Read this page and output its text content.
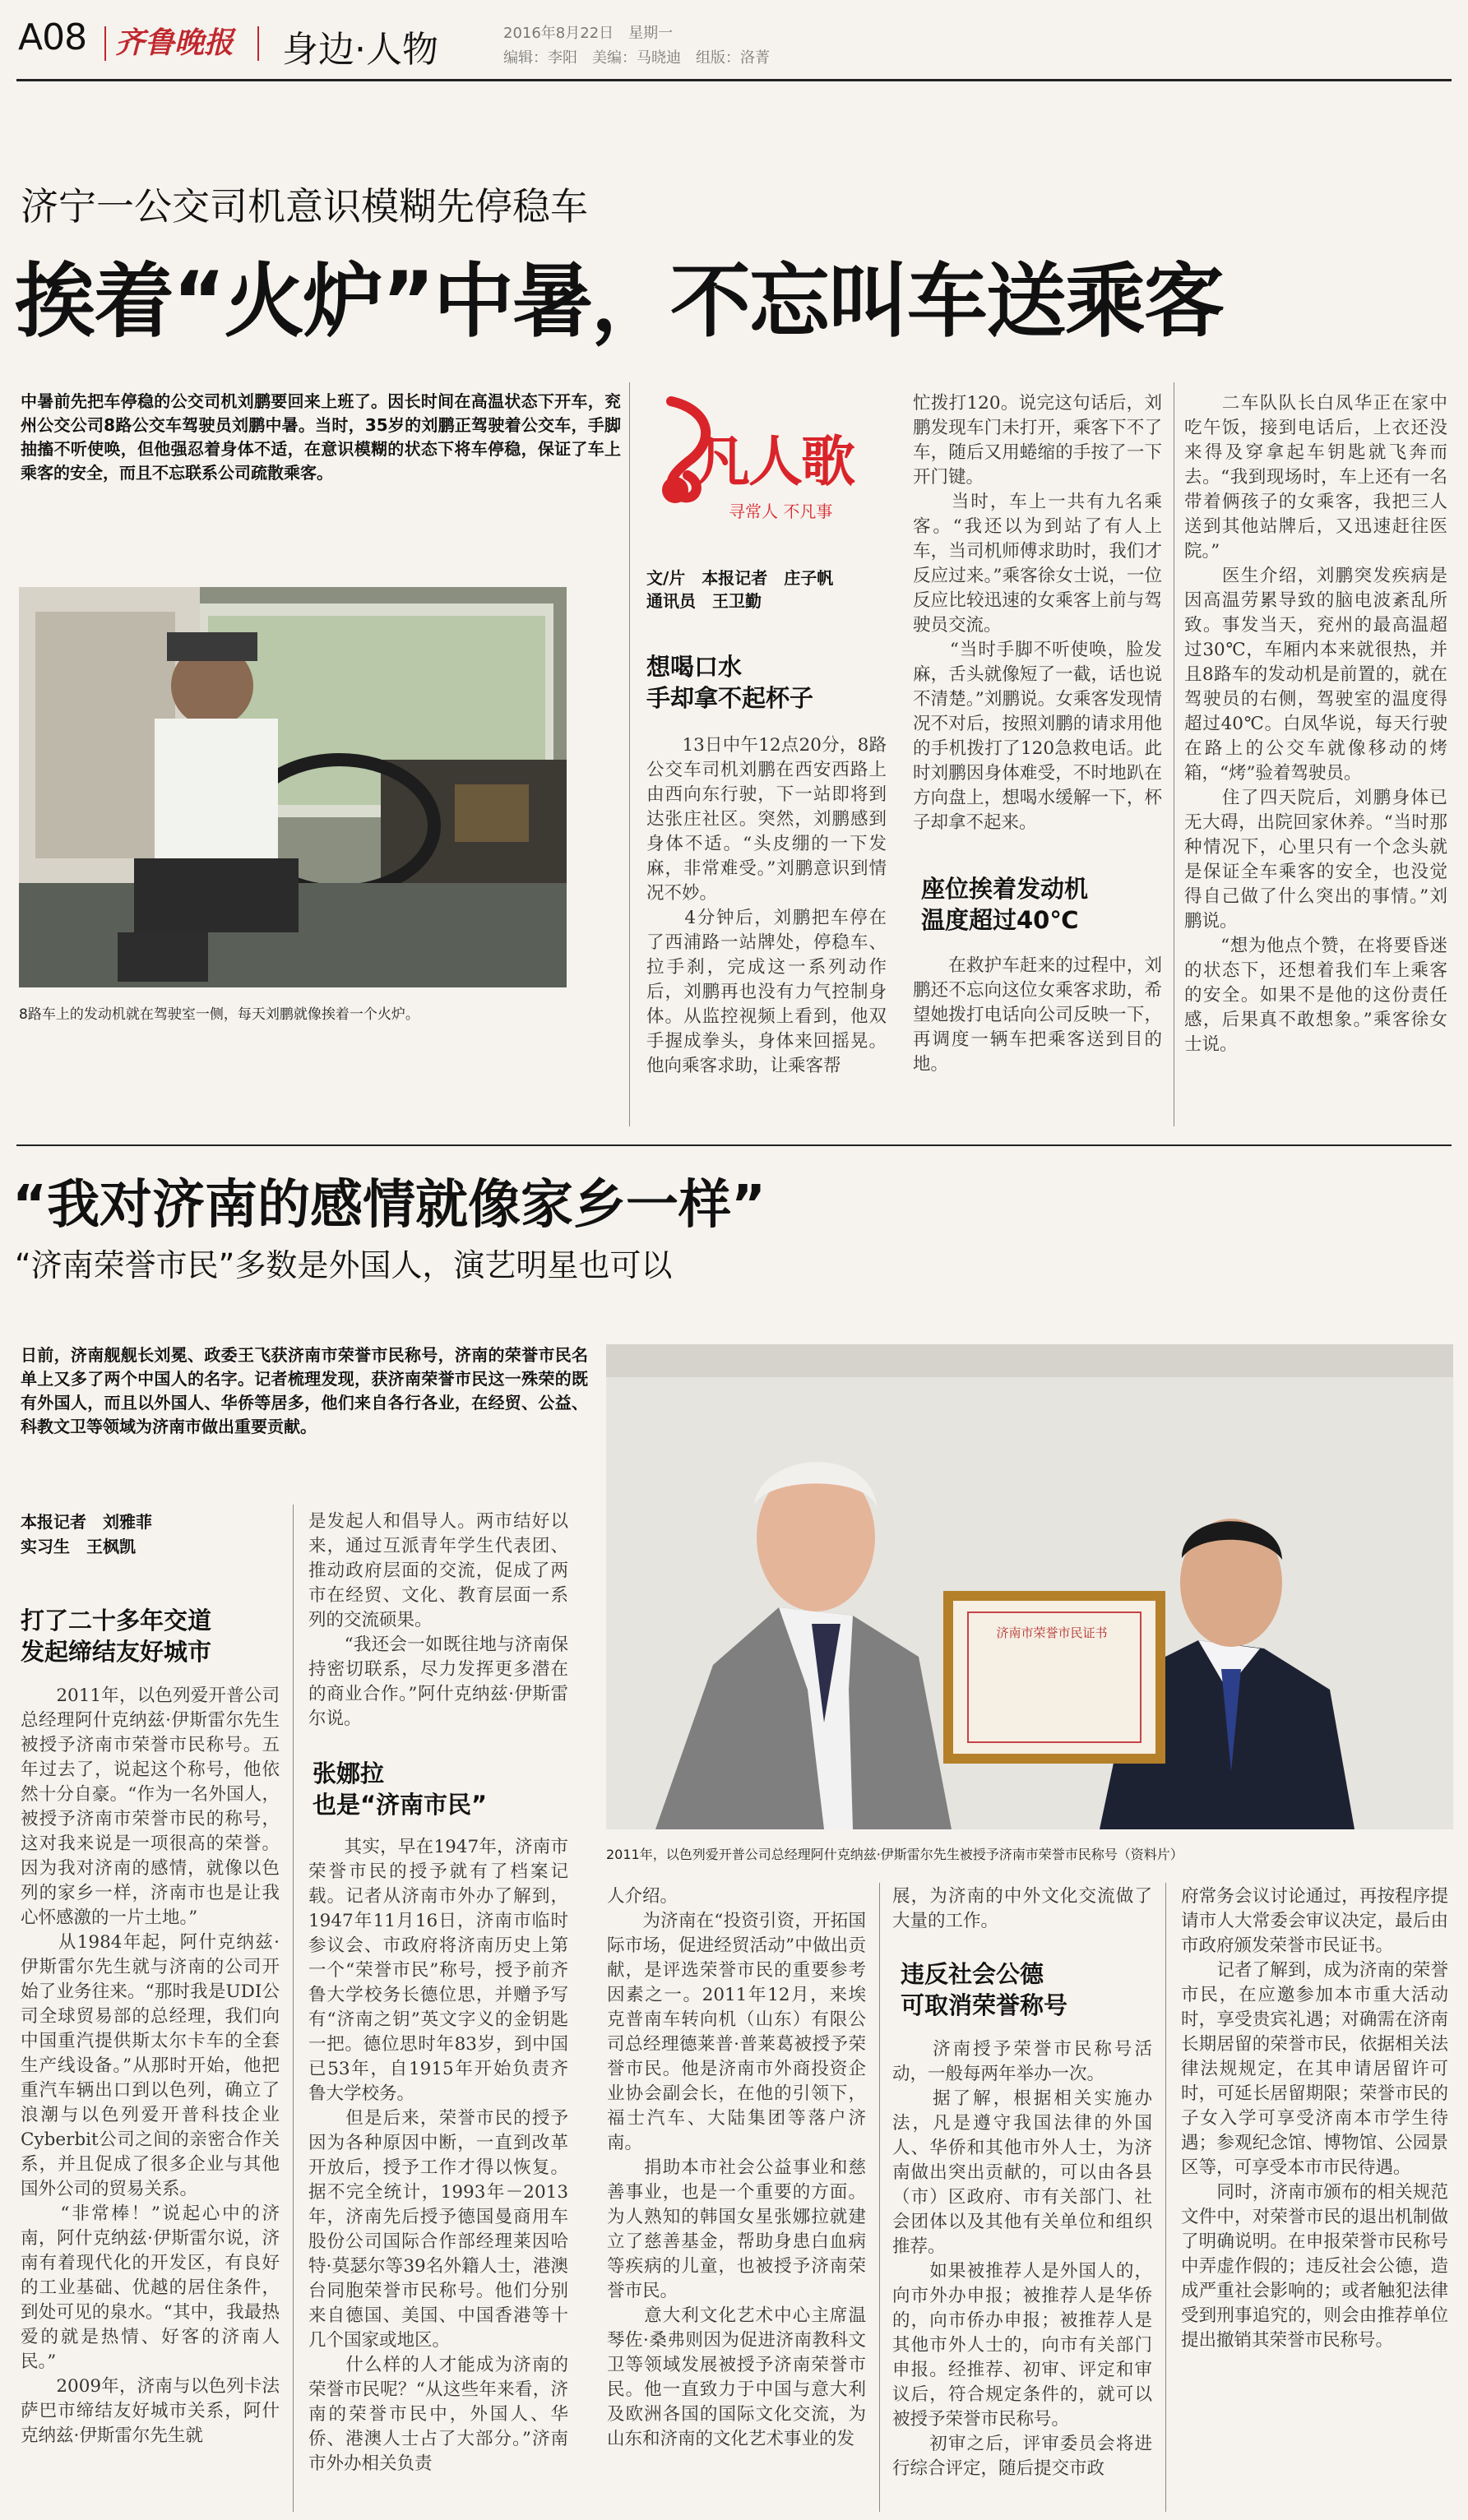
A08 齐鲁晚报 身边·人物	2016年8月22日　星期一
编辑：李阳　美编：马晓迪　组版：洛菁
济宁一公交司机意识模糊先停稳车
挨着“火炉”中暑，不忘叫车送乘客
中暑前先把车停稳的公交司机刘鹏要回来上班了。因长时间在高温状态下开车，兖州公交公司8路公交车驾驶员刘鹏中暑。当时，35岁的刘鹏正驾驶着公交车，手脚抽搐不听使唤，但他强忍着身体不适，在意识模糊的状态下将车停稳，保证了车上乘客的安全，而且不忘联系公司疏散乘客。
8路车上的发动机就在驾驶室一侧，每天刘鹏就像挨着一个火炉。
凡人歌
寻常人 不凡事
文/片　本报记者　庄子帆
通讯员　王卫勤
想喝口水
手却拿不起杯子
　　13日中午12点20分，8路公交车司机刘鹏在西安西路上由西向东行驶，下一站即将到达张庄社区。突然，刘鹏感到身体不适。“头皮绷的一下发麻，非常难受。”刘鹏意识到情况不妙。
　　4分钟后，刘鹏把车停在了西浦路一站牌处，停稳车、拉手刹，完成这一系列动作后，刘鹏再也没有力气控制身体。从监控视频上看到，他双手握成拳头，身体来回摇晃。他向乘客求助，让乘客帮
忙拨打120。说完这句话后，刘鹏发现车门未打开，乘客下不了车，随后又用蜷缩的手按了一下开门键。
　　当时，车上一共有九名乘客。“我还以为到站了有人上车，当司机师傅求助时，我们才反应过来。”乘客徐女士说，一位反应比较迅速的女乘客上前与驾驶员交流。
　　“当时手脚不听使唤，脸发麻，舌头就像短了一截，话也说不清楚。”刘鹏说。女乘客发现情况不对后，按照刘鹏的请求用他的手机拨打了120急救电话。此时刘鹏因身体难受，不时地趴在方向盘上，想喝水缓解一下，杯子却拿不起来。
座位挨着发动机
温度超过40℃
　　在救护车赶来的过程中，刘鹏还不忘向这位女乘客求助，希望她拨打电话向公司反映一下，再调度一辆车把乘客送到目的地。
　　二车队队长白凤华正在家中吃午饭，接到电话后，上衣还没来得及穿拿起车钥匙就飞奔而去。“我到现场时，车上还有一名带着俩孩子的女乘客，我把三人送到其他站牌后，又迅速赶往医院。”
　　医生介绍，刘鹏突发疾病是因高温劳累导致的脑电波紊乱所致。事发当天，兖州的最高温超过30℃，车厢内本来就很热，并且8路车的发动机是前置的，就在驾驶员的右侧，驾驶室的温度得超过40℃。白凤华说，每天行驶在路上的公交车就像移动的烤箱，“烤”验着驾驶员。
　　住了四天院后，刘鹏身体已无大碍，出院回家休养。“当时那种情况下，心里只有一个念头就是保证全车乘客的安全，也没觉得自己做了什么突出的事情。”刘鹏说。
　　“想为他点个赞，在将要昏迷的状态下，还想着我们车上乘客的安全。如果不是他的这份责任感，后果真不敢想象。”乘客徐女士说。
“我对济南的感情就像家乡一样”
“济南荣誉市民”多数是外国人，演艺明星也可以
日前，济南舰舰长刘冕、政委王飞获济南市荣誉市民称号，济南的荣誉市民名单上又多了两个中国人的名字。记者梳理发现，获济南荣誉市民这一殊荣的既有外国人，而且以外国人、华侨等居多，他们来自各行各业，在经贸、公益、科教文卫等领域为济南市做出重要贡献。
本报记者　刘雅菲
实习生　王枫凯
打了二十多年交道
发起缔结友好城市
　　2011年，以色列爱开普公司总经理阿什克纳兹·伊斯雷尔先生被授予济南市荣誉市民称号。五年过去了，说起这个称号，他依然十分自豪。“作为一名外国人，被授予济南市荣誉市民的称号，这对我来说是一项很高的荣誉。因为我对济南的感情，就像以色列的家乡一样，济南市也是让我心怀感激的一片土地。”
　　从1984年起，阿什克纳兹·伊斯雷尔先生就与济南的公司开始了业务往来。“那时我是UDI公司全球贸易部的总经理，我们向中国重汽提供斯太尔卡车的全套生产线设备。”从那时开始，他把重汽车辆出口到以色列，确立了浪潮与以色列爱开普科技企业Cyberbit公司之间的亲密合作关系，并且促成了很多企业与其他国外公司的贸易关系。
　　“非常棒！”说起心中的济南，阿什克纳兹·伊斯雷尔说，济南有着现代化的开发区，有良好的工业基础、优越的居住条件，到处可见的泉水。“其中，我最热爱的就是热情、好客的济南人民。”
　　2009年，济南与以色列卡法萨巴市缔结友好城市关系，阿什克纳兹·伊斯雷尔先生就
是发起人和倡导人。两市结好以来，通过互派青年学生代表团、推动政府层面的交流，促成了两市在经贸、文化、教育层面一系列的交流硕果。
　　“我还会一如既往地与济南保持密切联系，尽力发挥更多潜在的商业合作。”阿什克纳兹·伊斯雷尔说。
张娜拉
也是“济南市民”
　　其实，早在1947年，济南市荣誉市民的授予就有了档案记载。记者从济南市外办了解到，1947年11月16日，济南市临时参议会、市政府将济南历史上第一个“荣誉市民”称号，授予前齐鲁大学校务长德位思，并赠予写有“济南之钥”英文字义的金钥匙一把。德位思时年83岁，到中国已53年，自1915年开始负责齐鲁大学校务。
　　但是后来，荣誉市民的授予因为各种原因中断，一直到改革开放后，授予工作才得以恢复。据不完全统计，1993年－2013年，济南先后授予德国曼商用车股份公司国际合作部经理莱因哈特·莫瑟尔等39名外籍人士，港澳台同胞荣誉市民称号。他们分别来自德国、美国、中国香港等十几个国家或地区。
　　什么样的人才能成为济南的荣誉市民呢？“从这些年来看，济南的荣誉市民中，外国人、华侨、港澳人士占了大部分。”济南市外办相关负责
济南市荣誉市民证书
2011年，以色列爱开普公司总经理阿什克纳兹·伊斯雷尔先生被授予济南市荣誉市民称号（资料片）
人介绍。
　　为济南在“投资引资，开拓国际市场，促进经贸活动”中做出贡献，是评选荣誉市民的重要参考因素之一。2011年12月，来埃克普南车转向机（山东）有限公司总经理德莱普·普莱葛被授予荣誉市民。他是济南市外商投资企业协会副会长，在他的引领下，福士汽车、大陆集团等落户济南。
　　捐助本市社会公益事业和慈善事业，也是一个重要的方面。为人熟知的韩国女星张娜拉就建立了慈善基金，帮助身患白血病等疾病的儿童，也被授予济南荣誉市民。
　　意大利文化艺术中心主席温琴佐·桑弗则因为促进济南教科文卫等领域发展被授予济南荣誉市民。他一直致力于中国与意大利及欧洲各国的国际文化交流，为山东和济南的文化艺术事业的发
展，为济南的中外文化交流做了大量的工作。
违反社会公德
可取消荣誉称号
　　济南授予荣誉市民称号活动，一般每两年举办一次。
　　据了解，根据相关实施办法，凡是遵守我国法律的外国人、华侨和其他市外人士，为济南做出突出贡献的，可以由各县（市）区政府、市有关部门、社会团体以及其他有关单位和组织推荐。
　　如果被推荐人是外国人的，向市外办申报；被推荐人是华侨的，向市侨办申报；被推荐人是其他市外人士的，向市有关部门申报。经推荐、初审、评定和审议后，符合规定条件的，就可以被授予荣誉市民称号。
　　初审之后，评审委员会将进行综合评定，随后提交市政
府常务会议讨论通过，再按程序提请市人大常委会审议决定，最后由市政府颁发荣誉市民证书。
　　记者了解到，成为济南的荣誉市民，在应邀参加本市重大活动时，享受贵宾礼遇；对确需在济南长期居留的荣誉市民，依据相关法律法规规定，在其申请居留许可时，可延长居留期限；荣誉市民的子女入学可享受济南本市学生待遇；参观纪念馆、博物馆、公园景区等，可享受本市市民待遇。
　　同时，济南市颁布的相关规范文件中，对荣誉市民的退出机制做了明确说明。在申报荣誉市民称号中弄虚作假的；违反社会公德，造成严重社会影响的；或者触犯法律受到刑事追究的，则会由推荐单位提出撤销其荣誉市民称号。
